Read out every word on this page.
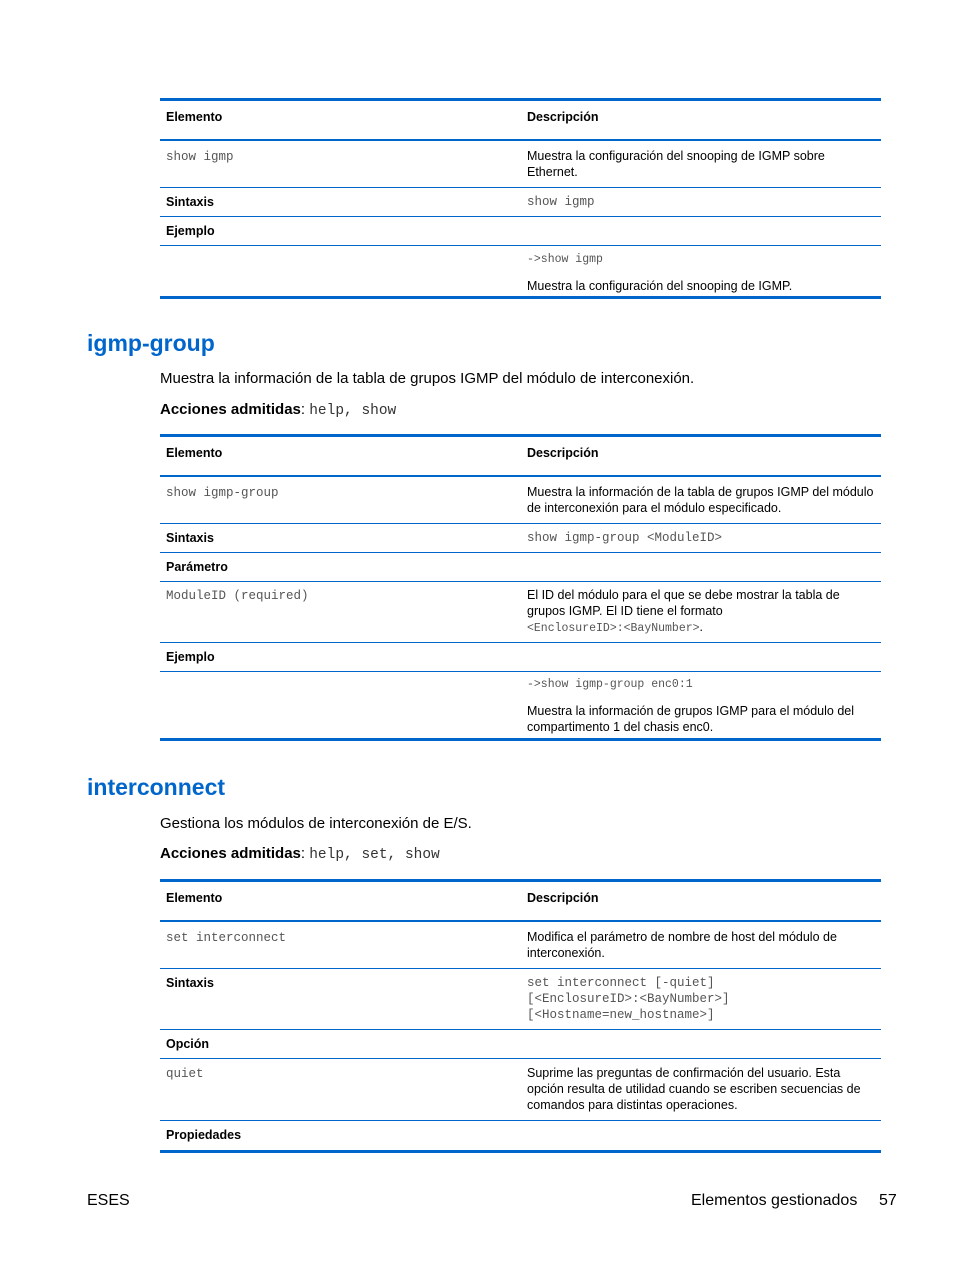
Elemento	Descripción
show igmp	Muestra la configuración del snooping de IGMP sobre Ethernet.
Sintaxis	show igmp
Ejemplo	

	->show igmp

Muestra la configuración del snooping de IGMP.

igmp-group

Muestra la información de la tabla de grupos IGMP del módulo de interconexión.

Acciones admitidas: help, show

Elemento	Descripción
show igmp-group	Muestra la información de la tabla de grupos IGMP del módulo de interconexión para el módulo especificado.
Sintaxis	show igmp-group <ModuleID>
Parámetro	
ModuleID (required)	El ID del módulo para el que se debe mostrar la tabla de grupos IGMP. El ID tiene el formato
<EnclosureID>:<BayNumber>.
Ejemplo	

	->show igmp-group enc0:1

Muestra la información de grupos IGMP para el módulo del compartimento 1 del chasis enc0.

interconnect

Gestiona los módulos de interconexión de E/S.

Acciones admitidas: help, set, show

Elemento	Descripción
set interconnect	Modifica el parámetro de nombre de host del módulo de interconexión.
Sintaxis	set interconnect [-quiet]
[<EnclosureID>:<BayNumber>]
[<Hostname=new_hostname>]

Opción	
quiet	Suprime las preguntas de confirmación del usuario. Esta opción resulta de utilidad cuando se escriben secuencias de comandos para distintas operaciones.
Propiedades	
ESES	Elementos gestionados 57
